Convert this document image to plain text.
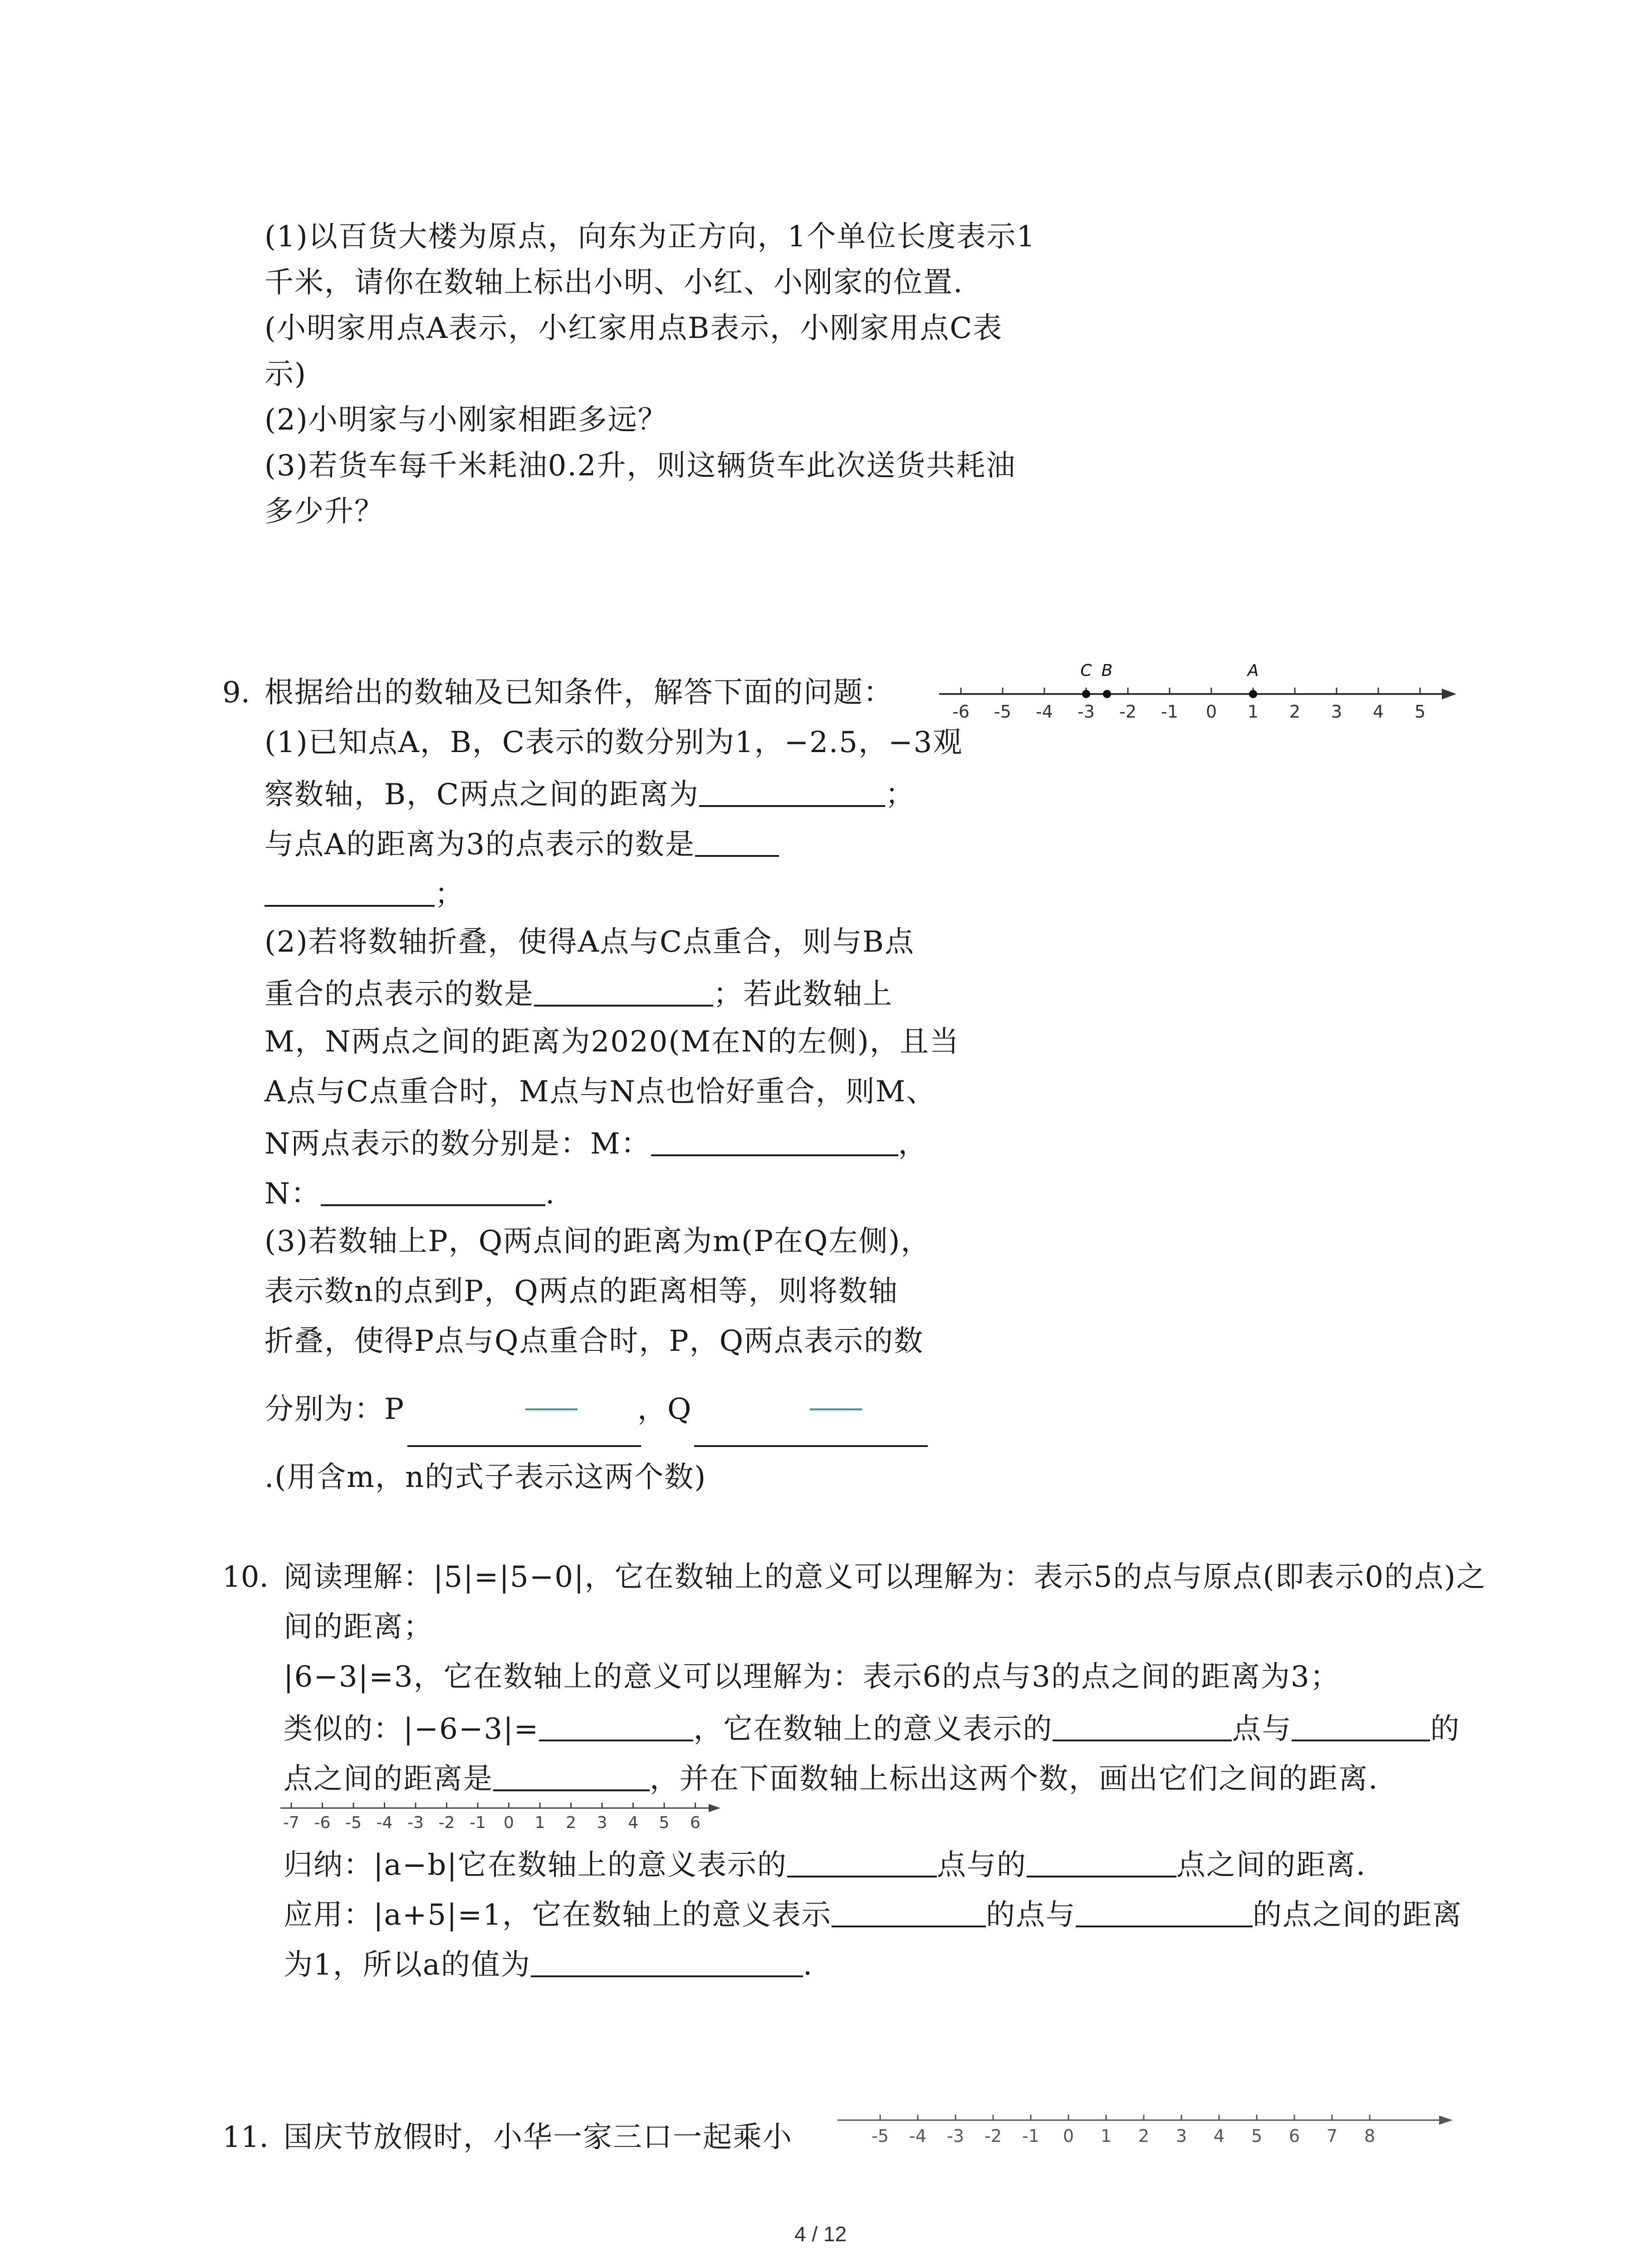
(1)以百货大楼为原点，向东为正方向，1个单位长度表示1
千米，请你在数轴上标出小明、小红、小刚家的位置.
(小明家用点A表示，小红家用点B表示，小刚家用点C表
示)
(2)小明家与小刚家相距多远？
(3)若货车每千米耗油0.2升，则这辆货车此次送货共耗油
多少升？
9. 根据给出的数轴及已知条件，解答下面的问题：
-6 -5 -4 -3 -2 -1 0 1 2 3 4 5
C B	A
(1)已知点A，B，C表示的数分别为1，−2.5，−3观
察数轴，B，C两点之间的距离为	；
与点A的距离为3的点表示的数是
；
(2)若将数轴折叠，使得A点与C点重合，则与B点
重合的点表示的数是	；若此数轴上
M，N两点之间的距离为2020(M在N的左侧)，且当
A点与C点重合时，M点与N点也恰好重合，则M、
N两点表示的数分别是：M：	，
N：	.
(3)若数轴上P，Q两点间的距离为m(P在Q左侧)，
表示数n的点到P，Q两点的距离相等，则将数轴
折叠，使得P点与Q点重合时，P，Q两点表示的数
分别为：P	，Q
.(用含m，n的式子表示这两个数)
10. 阅读理解：|5|=|5−0|，它在数轴上的意义可以理解为：表示5的点与原点(即表示0的点)之
间的距离；
|6−3|=3，它在数轴上的意义可以理解为：表示6的点与3的点之间的距离为3；
类似的：|−6−3|=	，它在数轴上的意义表示的	点与	的
点之间的距离是	，并在下面数轴上标出这两个数，画出它们之间的距离.
-7 -6 -5 -4 -3 -2 -1 0 1 2 3 4 5 6
归纳：|a−b|它在数轴上的意义表示的	点与的	点之间的距离.
应用：|a+5|=1，它在数轴上的意义表示	的点与	的点之间的距离
为1，所以a的值为	.
11. 国庆节放假时，小华一家三口一起乘小	-5 -4 -3 -2 -1 0 1 2 3 4 5 6 7 8
4 / 12
